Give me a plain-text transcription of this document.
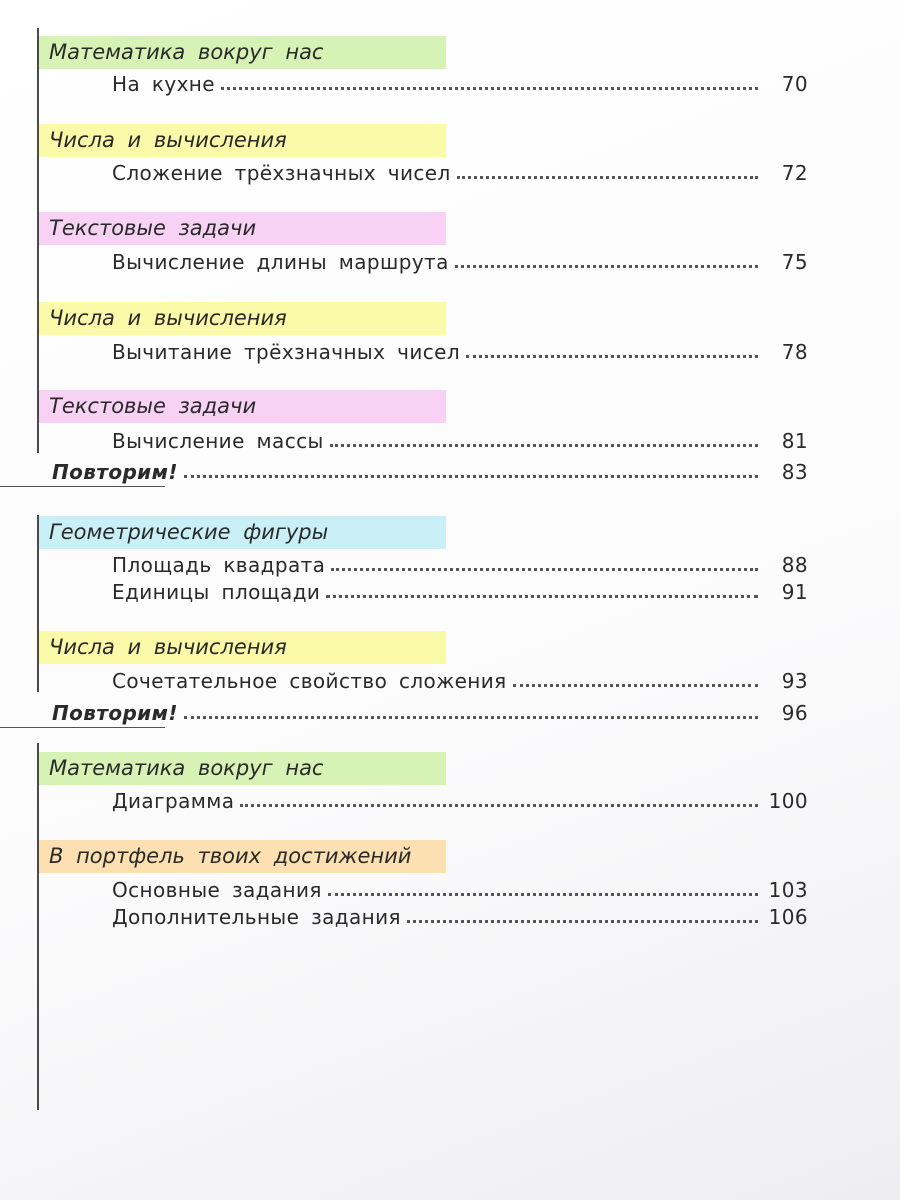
Математика вокруг нас
На кухне	70
Числа и вычисления
Сложение трёхзначных чисел	72
Текстовые задачи
Вычисление длины маршрута	75
Числа и вычисления
Вычитание трёхзначных чисел	78
Текстовые задачи
Вычисление массы	81
Повторим!	83
Геометрические фигуры
Площадь квадрата	88
Единицы площади	91
Числа и вычисления
Сочетательное свойство сложения	93
Повторим!	96
Математика вокруг нас
Диаграмма	100
В портфель твоих достижений
Основные задания	103
Дополнительные задания	106
